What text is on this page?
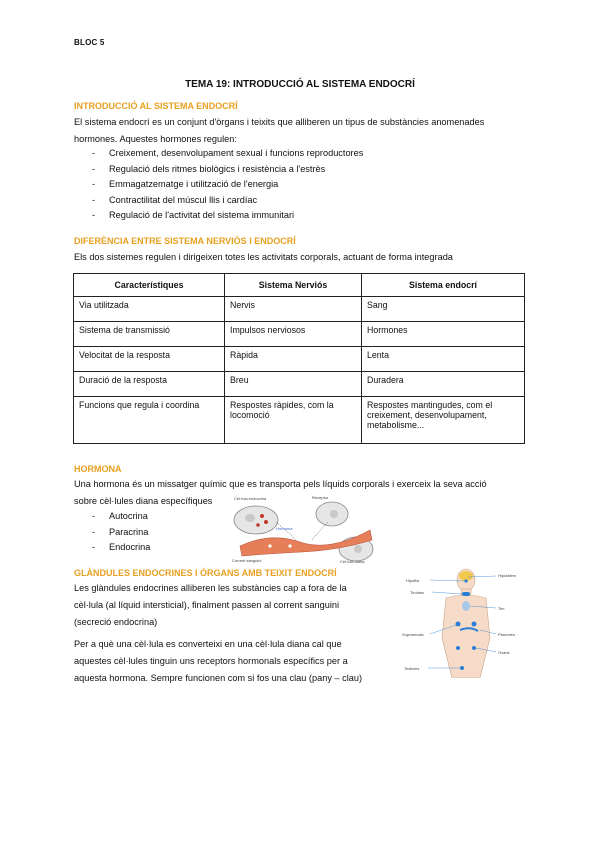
BLOC 5
TEMA 19: INTRODUCCIÓ AL SISTEMA ENDOCRÍ
INTRODUCCIÓ AL SISTEMA ENDOCRÍ
El sistema endocrí es un conjunt d'òrgans i teixits que alliberen un tipus de substàncies anomenades
hormones. Aquestes hormones regulen:
- Creixement, desenvolupament sexual i funcions reproductores
- Regulació dels ritmes biològics i resistència a l'estrès
- Emmagatzematge i utilització de l'energia
- Contractilitat del múscul llis i cardíac
- Regulació de l'activitat del sistema immunitari
DIFERÈNCIA ENTRE SISTEMA NERVIÓS I ENDOCRÍ
Els dos sistemes regulen i dirigeixen totes les activitats corporals, actuant de forma integrada
Característiques	Sistema Nerviós	Sistema endocrí
Via utilitzada	Nervis	Sang
Sistema de transmissió	Impulsos nerviosos	Hormones
Velocitat de la resposta	Ràpida	Lenta
Duració de la resposta	Breu	Duradera
Funcions que regula i coordina	Respostes ràpides, com la locomoció	Respostes mantingudes, com el creixement, desenvolupament, metabolisme...
HORMONA
Una hormona és un missatger químic que es transporta pels líquids corporals i exerceix la seva acció
sobre cèl·lules diana específiques
- Autocrina
- Paracrina
- Endocrina
Cèl·lula endocrina	Receptor
Hormona
Corrent sanguini	Cèl·lula diana
GLÀNDULES ENDOCRINES I ÒRGANS AMB TEIXIT ENDOCRÍ
Les glàndules endocrines alliberen les substàncies cap a fora de la
cèl·lula (al líquid intersticial), finalment passen al corrent sanguini
(secreció endocrina)
Per a què una cèl·lula es converteixi en una cèl·lula diana cal que
aquestes cèl·lules tinguin uns receptors hormonals específics per a
aquesta hormona. Sempre funcionen com si fos una clau (pany – clau)
Hipòfisi
Hipotàlem
Tiroides
Tim
Suprarenals	Pàncrees
Ovaris
Testicles
